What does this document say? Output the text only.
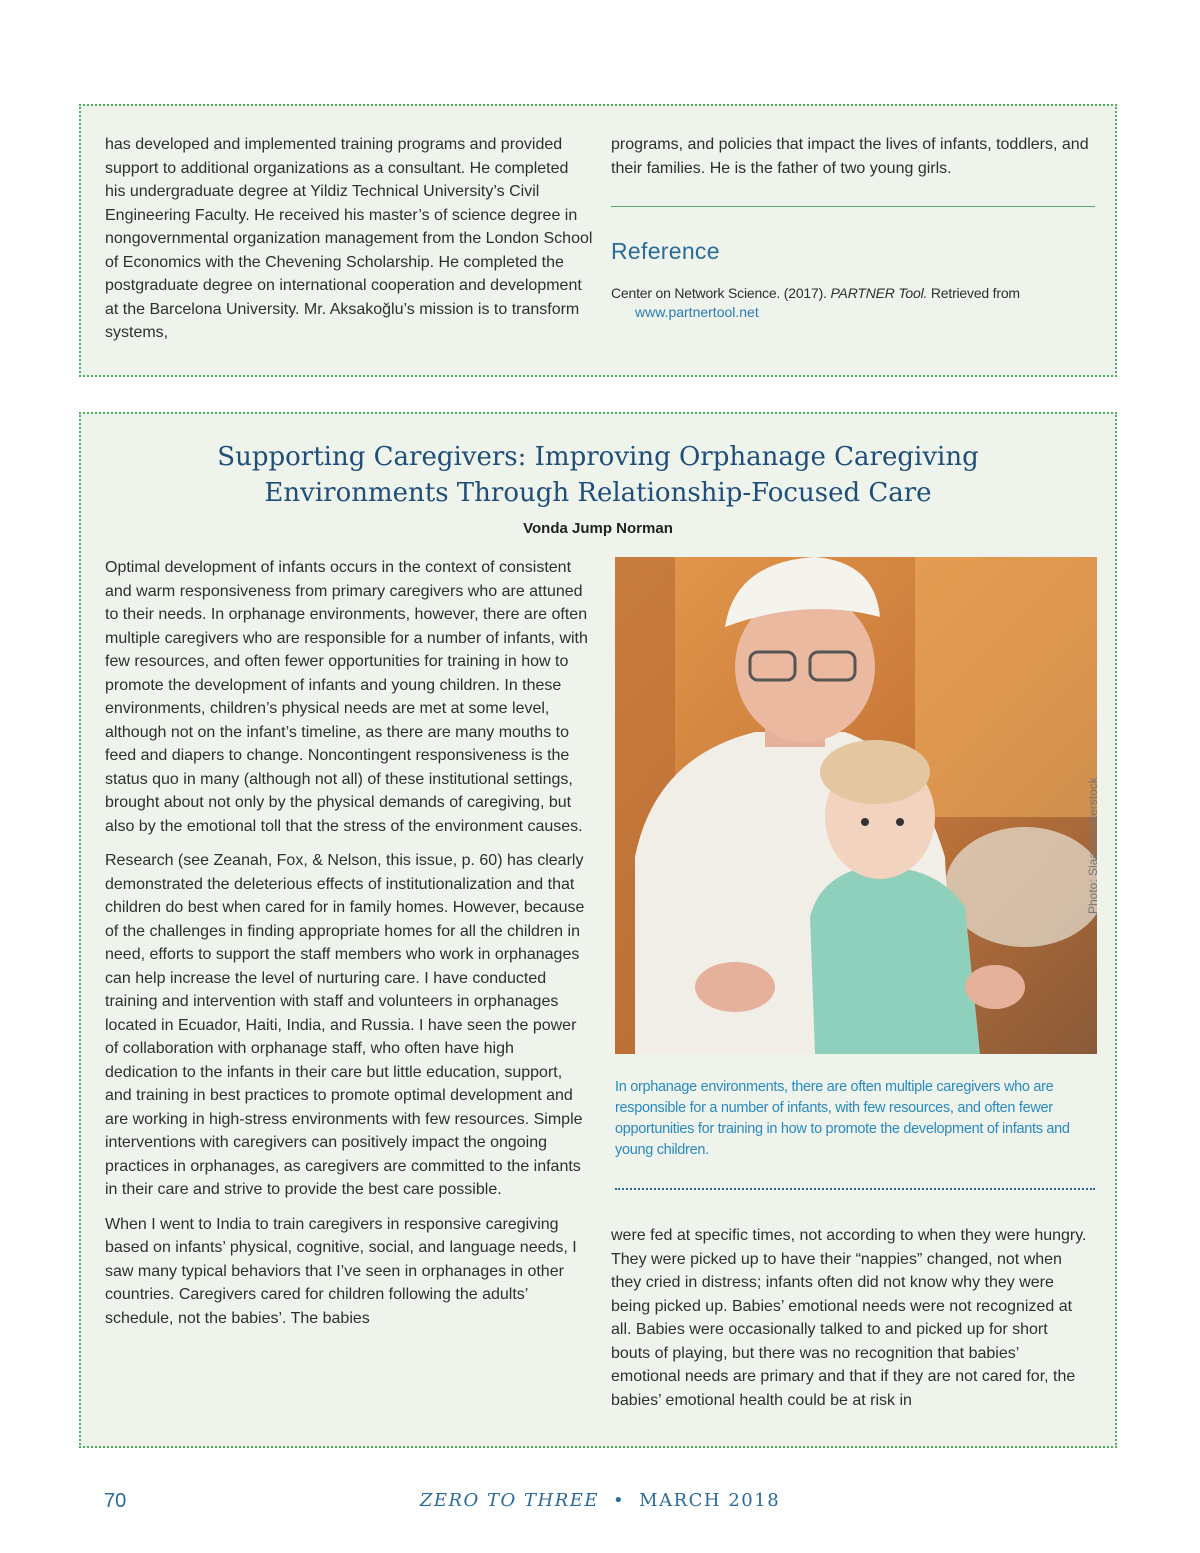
has developed and implemented training programs and provided support to additional organizations as a consultant. He completed his undergraduate degree at Yildiz Technical University’s Civil Engineering Faculty. He received his master’s of science degree in nongovernmental organization management from the London School of Economics with the Chevening Scholarship. He completed the postgraduate degree on international cooperation and development at the Barcelona University. Mr. Aksakoğlu’s mission is to transform systems,

programs, and policies that impact the lives of infants, toddlers, and their families. He is the father of two young girls.

Reference
Center on Network Science. (2017). PARTNER Tool. Retrieved from
www.partnertool.net
Supporting Caregivers: Improving Orphanage Caregiving
Environments Through Relationship-Focused Care
Vonda Jump Norman

Optimal development of infants occurs in the context of consistent and warm responsiveness from primary caregivers who are attuned to their needs. In orphanage environments, however, there are often multiple caregivers who are responsible for a number of infants, with few resources, and often fewer opportunities for training in how to promote the development of infants and young children. In these environments, children’s physical needs are met at some level, although not on the infant’s timeline, as there are many mouths to feed and diapers to change. Noncontingent responsiveness is the status quo in many (although not all) of these institutional settings, brought about not only by the physical demands of caregiving, but also by the emotional toll that the stress of the environment causes.

Research (see Zeanah, Fox, & Nelson, this issue, p. 60) has clearly demonstrated the deleterious effects of institutionalization and that children do best when cared for in family homes. However, because of the challenges in finding appropriate homes for all the children in need, efforts to support the staff members who work in orphanages can help increase the level of nurturing care. I have conducted training and intervention with staff and volunteers in orphanages located in Ecuador, Haiti, India, and Russia. I have seen the power of collaboration with orphanage staff, who often have high dedication to the infants in their care but little education, support, and training in best practices to promote optimal development and are working in high-stress environments with few resources. Simple interventions with caregivers can positively impact the ongoing practices in orphanages, as caregivers are committed to the infants in their care and strive to provide the best care possible.

When I went to India to train caregivers in responsive caregiving based on infants’ physical, cognitive, social, and language needs, I saw many typical behaviors that I’ve seen in orphanages in other countries. Caregivers cared for children following the adults’ schedule, not the babies’. The babies

Photo: Slaan/shutterstock
In orphanage environments, there are often multiple caregivers who are responsible for a number of infants, with few resources, and often fewer opportunities for training in how to promote the development of infants and young children.

were fed at specific times, not according to when they were hungry. They were picked up to have their “nappies” changed, not when they cried in distress; infants often did not know why they were being picked up. Babies’ emotional needs were not recognized at all. Babies were occasionally talked to and picked up for short bouts of playing, but there was no recognition that babies’ emotional needs are primary and that if they are not cared for, the babies’ emotional health could be at risk in

70	ZERO TO THREE • MARCH 2018
